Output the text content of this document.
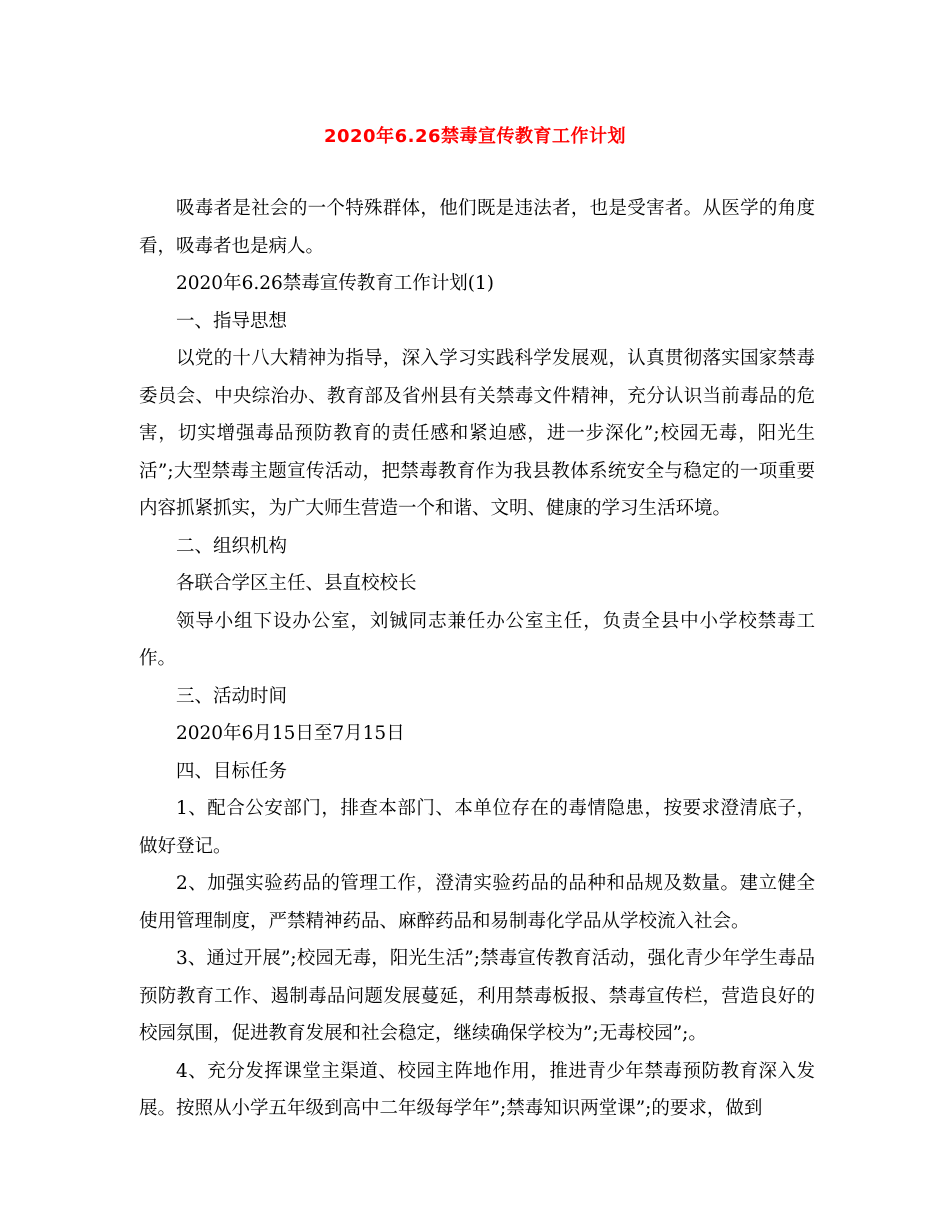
2020年6.26禁毒宣传教育工作计划

吸毒者是社会的一个特殊群体，他们既是违法者，也是受害者。从医学的角度看，吸毒者也是病人。

2020年6.26禁毒宣传教育工作计划(1)

一、指导思想

以党的十八大精神为指导，深入学习实践科学发展观，认真贯彻落实国家禁毒委员会、中央综治办、教育部及省州县有关禁毒文件精神，充分认识当前毒品的危害，切实增强毒品预防教育的责任感和紧迫感，进一步深化”;校园无毒，阳光生活”;大型禁毒主题宣传活动，把禁毒教育作为我县教体系统安全与稳定的一项重要内容抓紧抓实，为广大师生营造一个和谐、文明、健康的学习生活环境。

二、组织机构

各联合学区主任、县直校校长

领导小组下设办公室，刘铖同志兼任办公室主任，负责全县中小学校禁毒工作。

三、活动时间

2020年6月15日至7月15日

四、目标任务

1、配合公安部门，排查本部门、本单位存在的毒情隐患，按要求澄清底子，做好登记。

2、加强实验药品的管理工作，澄清实验药品的品种和品规及数量。建立健全使用管理制度，严禁精神药品、麻醉药品和易制毒化学品从学校流入社会。

3、通过开展”;校园无毒，阳光生活”;禁毒宣传教育活动，强化青少年学生毒品预防教育工作、遏制毒品问题发展蔓延，利用禁毒板报、禁毒宣传栏，营造良好的校园氛围，促进教育发展和社会稳定，继续确保学校为”;无毒校园”;。

4、充分发挥课堂主渠道、校园主阵地作用，推进青少年禁毒预防教育深入发展。按照从小学五年级到高中二年级每学年”;禁毒知识两堂课”;的要求，做到
